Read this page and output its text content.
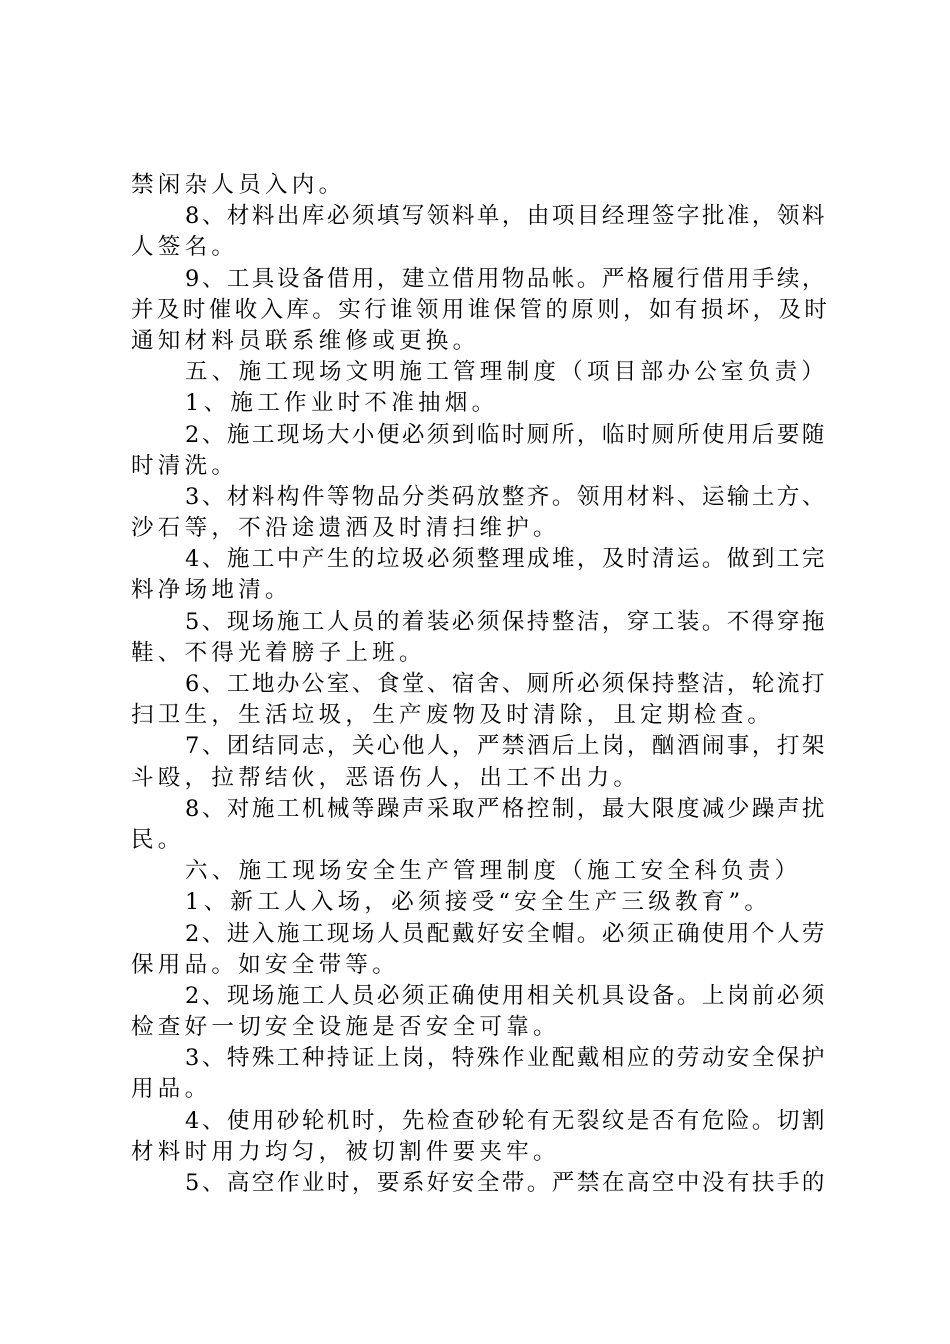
禁闲杂人员入内。
8、材料出库必须填写领料单，由项目经理签字批准，领料
人签名。
9、工具设备借用，建立借用物品帐。严格履行借用手续，
并及时催收入库。实行谁领用谁保管的原则，如有损坏，及时
通知材料员联系维修或更换。
五、施工现场文明施工管理制度（项目部办公室负责）
1、施工作业时不准抽烟。
2、施工现场大小便必须到临时厕所，临时厕所使用后要随
时清洗。
3、材料构件等物品分类码放整齐。领用材料、运输土方、
沙石等，不沿途遗洒及时清扫维护。
4、施工中产生的垃圾必须整理成堆，及时清运。做到工完
料净场地清。
5、现场施工人员的着装必须保持整洁，穿工装。不得穿拖
鞋、不得光着膀子上班。
6、工地办公室、食堂、宿舍、厕所必须保持整洁，轮流打
扫卫生，生活垃圾，生产废物及时清除，且定期检查。
7、团结同志，关心他人，严禁酒后上岗，酗酒闹事，打架
斗殴，拉帮结伙，恶语伤人，出工不出力。
8、对施工机械等躁声采取严格控制，最大限度减少躁声扰
民。
六、施工现场安全生产管理制度（施工安全科负责）
1、新工人入场，必须接受“安全生产三级教育”。
2、进入施工现场人员配戴好安全帽。必须正确使用个人劳
保用品。如安全带等。
2、现场施工人员必须正确使用相关机具设备。上岗前必须
检查好一切安全设施是否安全可靠。
3、特殊工种持证上岗，特殊作业配戴相应的劳动安全保护
用品。
4、使用砂轮机时，先检查砂轮有无裂纹是否有危险。切割
材料时用力均匀，被切割件要夹牢。
5、高空作业时，要系好安全带。严禁在高空中没有扶手的
